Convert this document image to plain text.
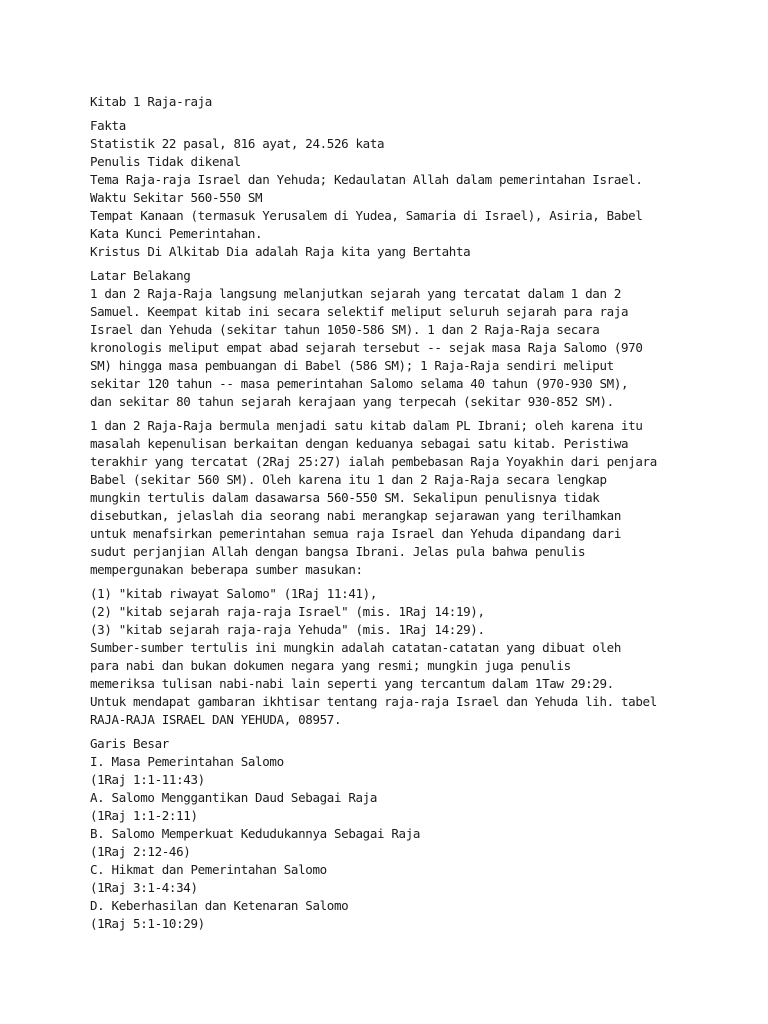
Kitab 1 Raja-raja
Fakta
Statistik 22 pasal, 816 ayat, 24.526 kata
Penulis Tidak dikenal
Tema Raja-raja Israel dan Yehuda; Kedaulatan Allah dalam pemerintahan Israel.
Waktu Sekitar 560-550 SM
Tempat Kanaan (termasuk Yerusalem di Yudea, Samaria di Israel), Asiria, Babel
Kata Kunci Pemerintahan.
Kristus Di Alkitab Dia adalah Raja kita yang Bertahta
Latar Belakang
1 dan 2 Raja-Raja langsung melanjutkan sejarah yang tercatat dalam 1 dan 2
Samuel. Keempat kitab ini secara selektif meliput seluruh sejarah para raja
Israel dan Yehuda (sekitar tahun 1050-586 SM). 1 dan 2 Raja-Raja secara
kronologis meliput empat abad sejarah tersebut -- sejak masa Raja Salomo (970
SM) hingga masa pembuangan di Babel (586 SM); 1 Raja-Raja sendiri meliput
sekitar 120 tahun -- masa pemerintahan Salomo selama 40 tahun (970-930 SM),
dan sekitar 80 tahun sejarah kerajaan yang terpecah (sekitar 930-852 SM).
1 dan 2 Raja-Raja bermula menjadi satu kitab dalam PL Ibrani; oleh karena itu
masalah kepenulisan berkaitan dengan keduanya sebagai satu kitab. Peristiwa
terakhir yang tercatat (2Raj 25:27) ialah pembebasan Raja Yoyakhin dari penjara
Babel (sekitar 560 SM). Oleh karena itu 1 dan 2 Raja-Raja secara lengkap
mungkin tertulis dalam dasawarsa 560-550 SM. Sekalipun penulisnya tidak
disebutkan, jelaslah dia seorang nabi merangkap sejarawan yang terilhamkan
untuk menafsirkan pemerintahan semua raja Israel dan Yehuda dipandang dari
sudut perjanjian Allah dengan bangsa Ibrani. Jelas pula bahwa penulis
mempergunakan beberapa sumber masukan:
(1) "kitab riwayat Salomo" (1Raj 11:41),
(2) "kitab sejarah raja-raja Israel" (mis. 1Raj 14:19),
(3) "kitab sejarah raja-raja Yehuda" (mis. 1Raj 14:29).
Sumber-sumber tertulis ini mungkin adalah catatan-catatan yang dibuat oleh
para nabi dan bukan dokumen negara yang resmi; mungkin juga penulis
memeriksa tulisan nabi-nabi lain seperti yang tercantum dalam 1Taw 29:29.
Untuk mendapat gambaran ikhtisar tentang raja-raja Israel dan Yehuda lih. tabel
RAJA-RAJA ISRAEL DAN YEHUDA, 08957.
Garis Besar
I. Masa Pemerintahan Salomo
(1Raj 1:1-11:43)
A. Salomo Menggantikan Daud Sebagai Raja
(1Raj 1:1-2:11)
B. Salomo Memperkuat Kedudukannya Sebagai Raja
(1Raj 2:12-46)
C. Hikmat dan Pemerintahan Salomo
(1Raj 3:1-4:34)
D. Keberhasilan dan Ketenaran Salomo
(1Raj 5:1-10:29)
